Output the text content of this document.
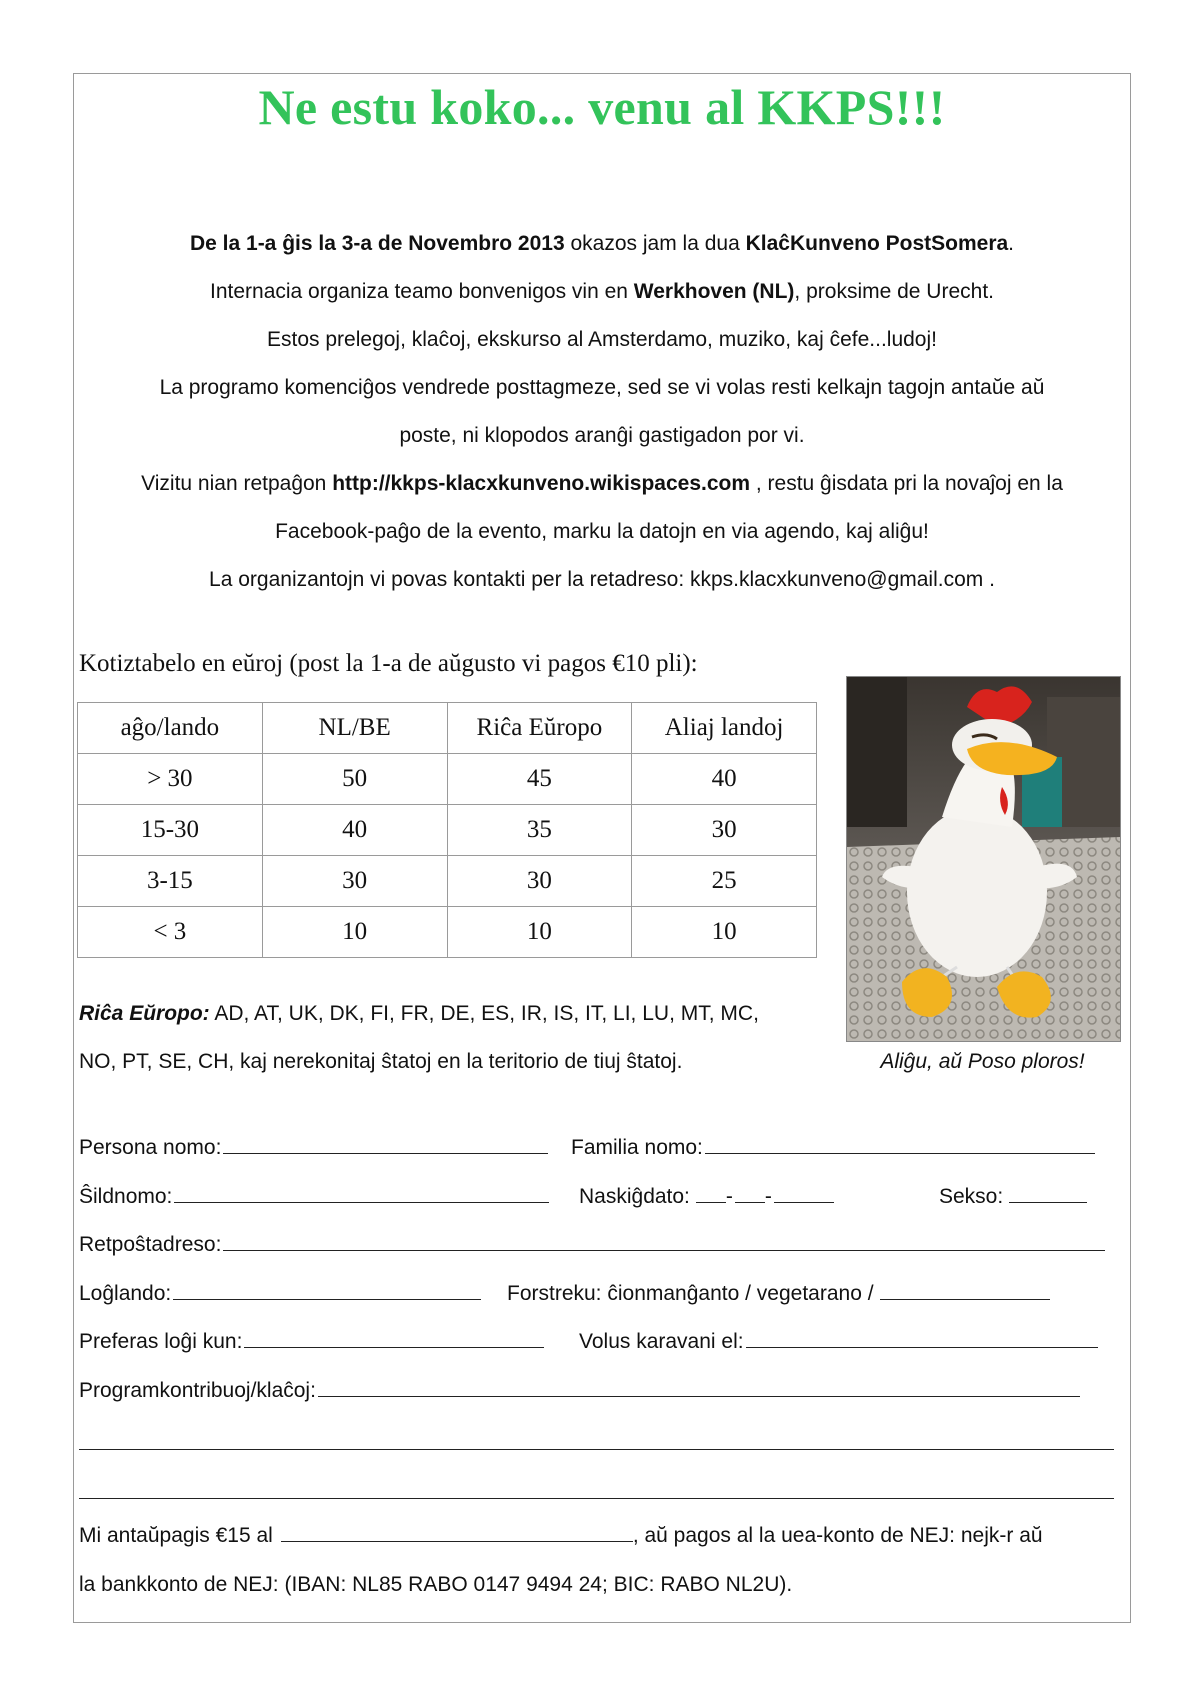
Ne estu koko... venu al KKPS!!!

De la 1-a ĝis la 3-a de Novembro 2013 okazos jam la dua KlaĉKunveno PostSomera.

Internacia organiza teamo bonvenigos vin en Werkhoven (NL), proksime de Urecht.

Estos prelegoj, klaĉoj, ekskurso al Amsterdamo, muziko, kaj ĉefe...ludoj!

La programo komenciĝos vendrede posttagmeze, sed se vi volas resti kelkajn tagojn antaŭe aŭ

poste, ni klopodos aranĝi gastigadon por vi.

Vizitu nian retpaĝon http://kkps-klacxkunveno.wikispaces.com , restu ĝisdata pri la novaĵoj en la

Facebook-paĝo de la evento, marku la datojn en via agendo, kaj aliĝu!

La organizantojn vi povas kontakti per la retadreso: kkps.klacxkunveno@gmail.com .

Kotiztabelo en eŭroj (post la 1-a de aŭgusto vi pagos €10 pli):
aĝo/lando	NL/BE	Riĉa Eŭropo	Aliaj landoj
> 30	50	45	40
15-30	40	35	30
3-15	30	30	25
< 3	10	10	10
Riĉa Eŭropo: AD, AT, UK, DK, FI, FR, DE, ES, IR, IS, IT, LI, LU, MT, MC,
NO, PT, SE, CH, kaj nerekonitaj ŝtatoj en la teritorio de tiuj ŝtatoj.	Aliĝu, aŭ Poso ploros!
Persona nomo:	Familia nomo:
Ŝildnomo:	Naskiĝdato: - -	Sekso:
Retpoŝtadreso:
Loĝlando:	Forstreku: ĉionmanĝanto / vegetarano /
Preferas loĝi kun:	Volus karavani el:
Programkontribuoj/klaĉoj:
Mi antaŭpagis €15 al	, aŭ pagos al la uea-konto de NEJ: nejk-r aŭ
la bankkonto de NEJ: (IBAN: NL85 RABO 0147 9494 24; BIC: RABO NL2U).
